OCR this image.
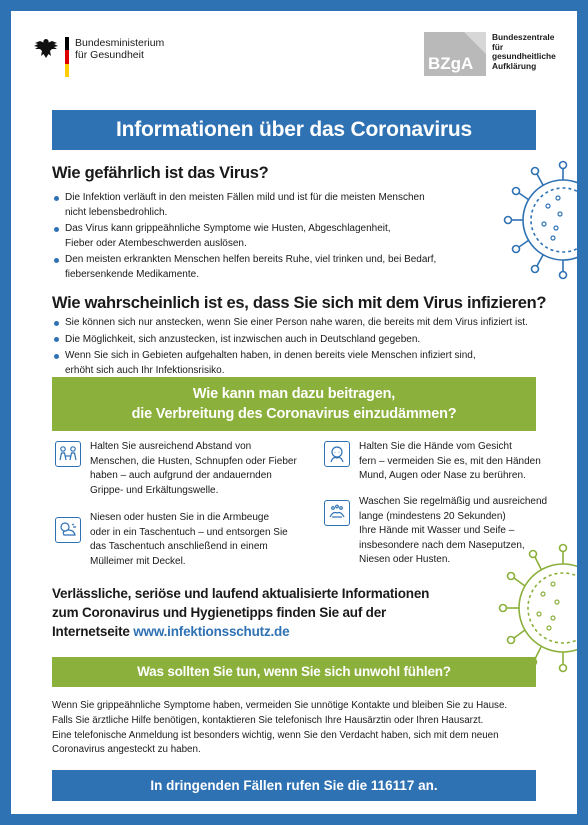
Bundesministerium
für Gesundheit	BZgA
Bundeszentrale
für
gesundheitliche
Aufklärung
Informationen über das Coronavirus
Wie gefährlich ist das Virus?
Die Infektion verläuft in den meisten Fällen mild und ist für die meisten Menschen
nicht lebensbedrohlich.
Das Virus kann grippeähnliche Symptome wie Husten, Abgeschlagenheit,
Fieber oder Atembeschwerden auslösen.
Den meisten erkrankten Menschen helfen bereits Ruhe, viel trinken und, bei Bedarf,
fiebersenkende Medikamente.
Wie wahrscheinlich ist es, dass Sie sich mit dem Virus infizieren?
Sie können sich nur anstecken, wenn Sie einer Person nahe waren, die bereits mit dem Virus infiziert ist.
Die Möglichkeit, sich anzustecken, ist inzwischen auch in Deutschland gegeben.
Wenn Sie sich in Gebieten aufgehalten haben, in denen bereits viele Menschen infiziert sind,
erhöht sich auch Ihr Infektionsrisiko.
Wie kann man dazu beitragen,
die Verbreitung des Coronavirus einzudämmen?
Halten Sie ausreichend Abstand von
Menschen, die Husten, Schnupfen oder Fieber
haben – auch aufgrund der andauernden
Grippe- und Erkältungswelle.
Niesen oder husten Sie in die Armbeuge
oder in ein Taschentuch – und entsorgen Sie
das Taschentuch anschließend in einem
Mülleimer mit Deckel.
Halten Sie die Hände vom Gesicht
fern – vermeiden Sie es, mit den Händen
Mund, Augen oder Nase zu berühren.
Waschen Sie regelmäßig und ausreichend
lange (mindestens 20 Sekunden)
Ihre Hände mit Wasser und Seife –
insbesondere nach dem Naseputzen,
Niesen oder Husten.
Verlässliche, seriöse und laufend aktualisierte Informationen
zum Coronavirus und Hygienetipps finden Sie auf der
Internetseite www.infektionsschutz.de
Was sollten Sie tun, wenn Sie sich unwohl fühlen?
Wenn Sie grippeähnliche Symptome haben, vermeiden Sie unnötige Kontakte und bleiben Sie zu Hause.
Falls Sie ärztliche Hilfe benötigen, kontaktieren Sie telefonisch Ihre Hausärztin oder Ihren Hausarzt.
Eine telefonische Anmeldung ist besonders wichtig, wenn Sie den Verdacht haben, sich mit dem neuen
Coronavirus angesteckt zu haben.
In dringenden Fällen rufen Sie die 116117 an.
